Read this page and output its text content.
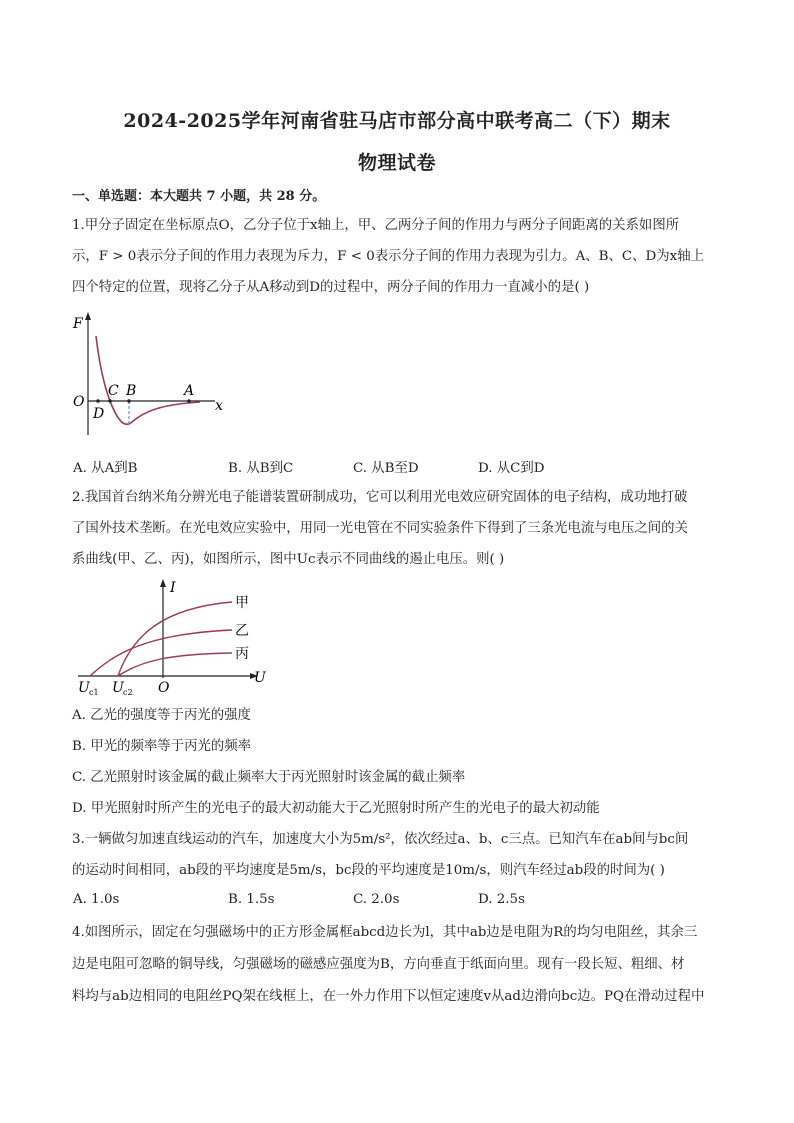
2024-2025学年河南省驻马店市部分高中联考高二（下）期末
物理试卷
一、单选题：本大题共 7 小题，共 28 分。
1.甲分子固定在坐标原点O，乙分子位于x轴上，甲、乙两分子间的作用力与两分子间距离的关系如图所
示，F > 0表示分子间的作用力表现为斥力，F < 0表示分子间的作用力表现为引力。A、B、C、D为x轴上
四个特定的位置，现将乙分子从A移动到D的过程中，两分子间的作用力一直减小的是( )
F
O
D
C B	A
x
A. 从A到B	B. 从B到C	C. 从B至D	D. 从C到D
2.我国首台纳米角分辨光电子能谱装置研制成功，它可以利用光电效应研究固体的电子结构，成功地打破
了国外技术垄断。在光电效应实验中，用同一光电管在不同实验条件下得到了三条光电流与电压之间的关
系曲线(甲、乙、丙)，如图所示，图中Uc表示不同曲线的遏止电压。则( )
I
U
O
U c1 U c2
甲
乙
丙
A. 乙光的强度等于丙光的强度
B. 甲光的频率等于丙光的频率
C. 乙光照射时该金属的截止频率大于丙光照射时该金属的截止频率
D. 甲光照射时所产生的光电子的最大初动能大于乙光照射时所产生的光电子的最大初动能
3.一辆做匀加速直线运动的汽车，加速度大小为5m/s²，依次经过a、b、c三点。已知汽车在ab间与bc间
的运动时间相同，ab段的平均速度是5m/s，bc段的平均速度是10m/s，则汽车经过ab段的时间为( )
A. 1.0s	B. 1.5s	C. 2.0s	D. 2.5s
4.如图所示，固定在匀强磁场中的正方形金属框abcd边长为l，其中ab边是电阻为R的均匀电阻丝，其余三
边是电阻可忽略的铜导线，匀强磁场的磁感应强度为B，方向垂直于纸面向里。现有一段长短、粗细、材
料均与ab边相同的电阻丝PQ架在线框上，在一外力作用下以恒定速度v从ad边滑向bc边。PQ在滑动过程中
